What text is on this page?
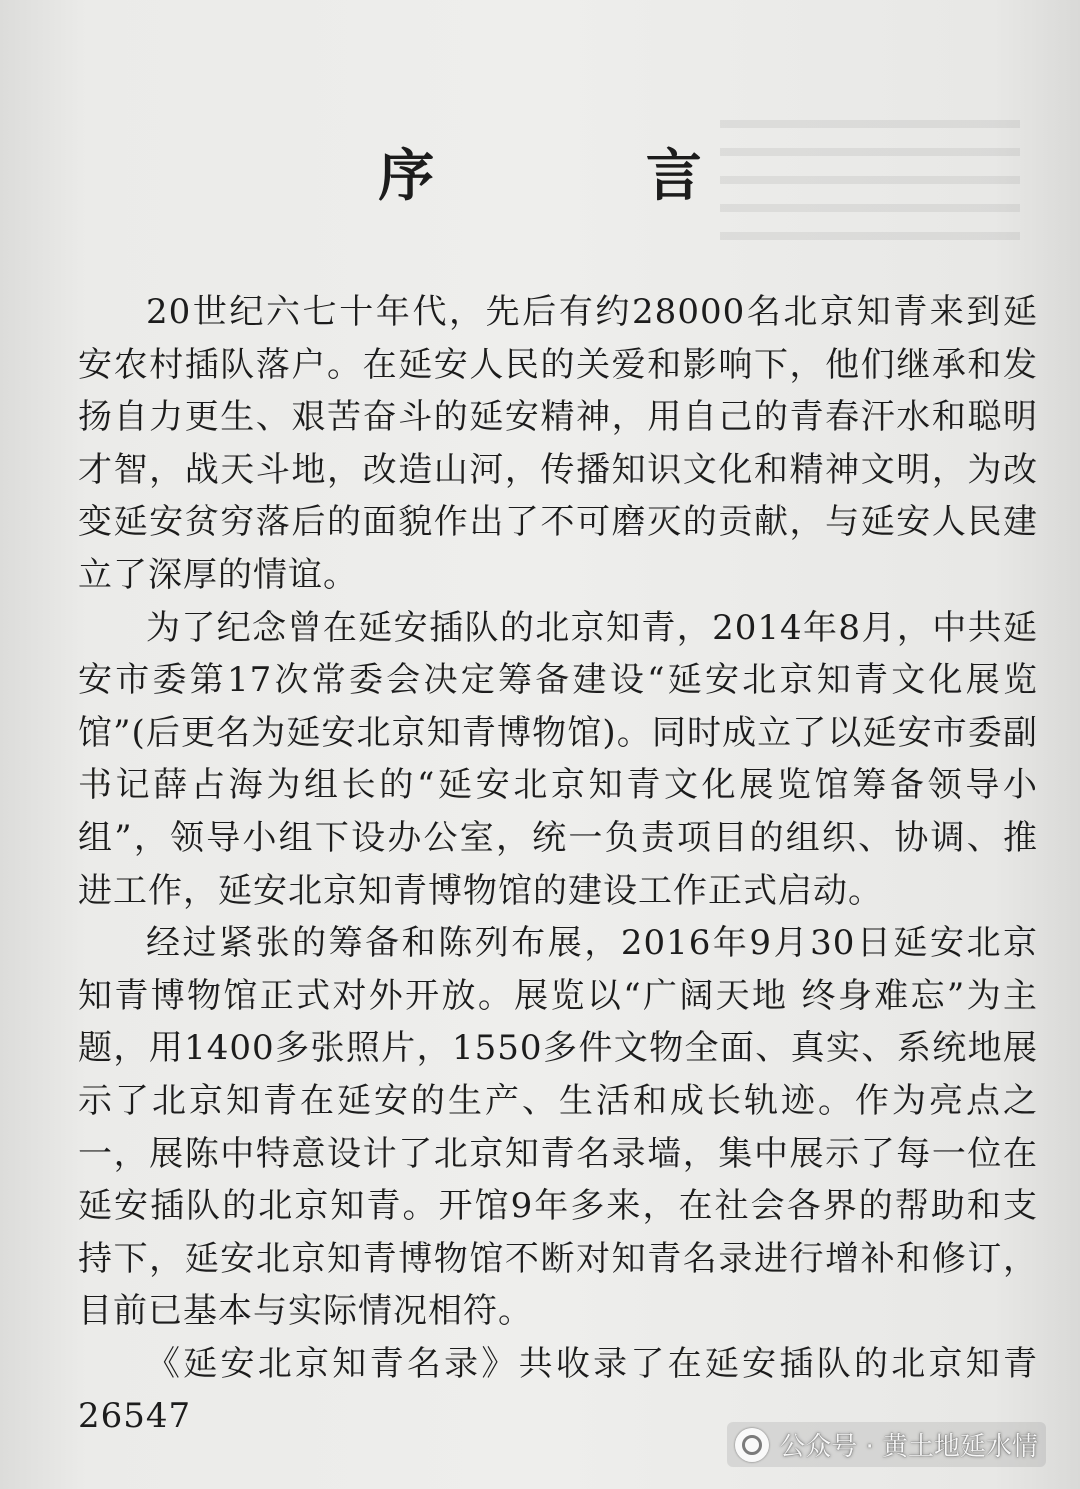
序 言

20世纪六七十年代，先后有约28000名北京知青来到延安农村插队落户。在延安人民的关爱和影响下，他们继承和发扬自力更生、艰苦奋斗的延安精神，用自己的青春汗水和聪明才智，战天斗地，改造山河，传播知识文化和精神文明，为改变延安贫穷落后的面貌作出了不可磨灭的贡献，与延安人民建立了深厚的情谊。

为了纪念曾在延安插队的北京知青，2014年8月，中共延安市委第17次常委会决定筹备建设“延安北京知青文化展览馆”(后更名为延安北京知青博物馆)。同时成立了以延安市委副书记薛占海为组长的“延安北京知青文化展览馆筹备领导小组”，领导小组下设办公室，统一负责项目的组织、协调、推进工作，延安北京知青博物馆的建设工作正式启动。

经过紧张的筹备和陈列布展，2016年9月30日延安北京知青博物馆正式对外开放。展览以“广阔天地 终身难忘”为主题，用1400多张照片，1550多件文物全面、真实、系统地展示了北京知青在延安的生产、生活和成长轨迹。作为亮点之一，展陈中特意设计了北京知青名录墙，集中展示了每一位在延安插队的北京知青。开馆9年多来，在社会各界的帮助和支持下，延安北京知青博物馆不断对知青名录进行增补和修订，目前已基本与实际情况相符。

《延安北京知青名录》共收录了在延安插队的北京知青26547

公众号 · 黄土地延水情
